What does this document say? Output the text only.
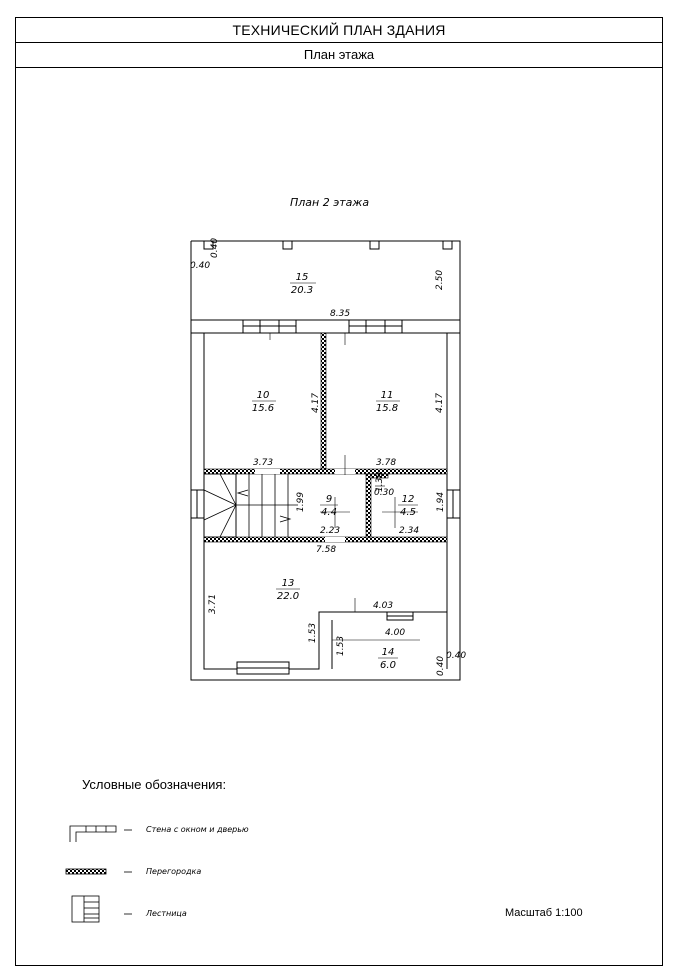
ТЕХНИЧЕСКИЙ ПЛАН ЗДАНИЯ
План этажа
План 2 этажа
15
20.3
10
15.6
11
15.8
9
4.4
12
4.5
13
22.0
14
6.0
0.40
0.40
2.50
8.35
4.17	4.17
3.73	3.78
1.99	1.94
1.30
0.30
2.23	2.34
7.58
3.71	4.03
4.00
1.53
1.53
0.40 0.40
Условные обозначения:
Стена с окном и дверью
Перегородка
Лестница	Масштаб 1:100
